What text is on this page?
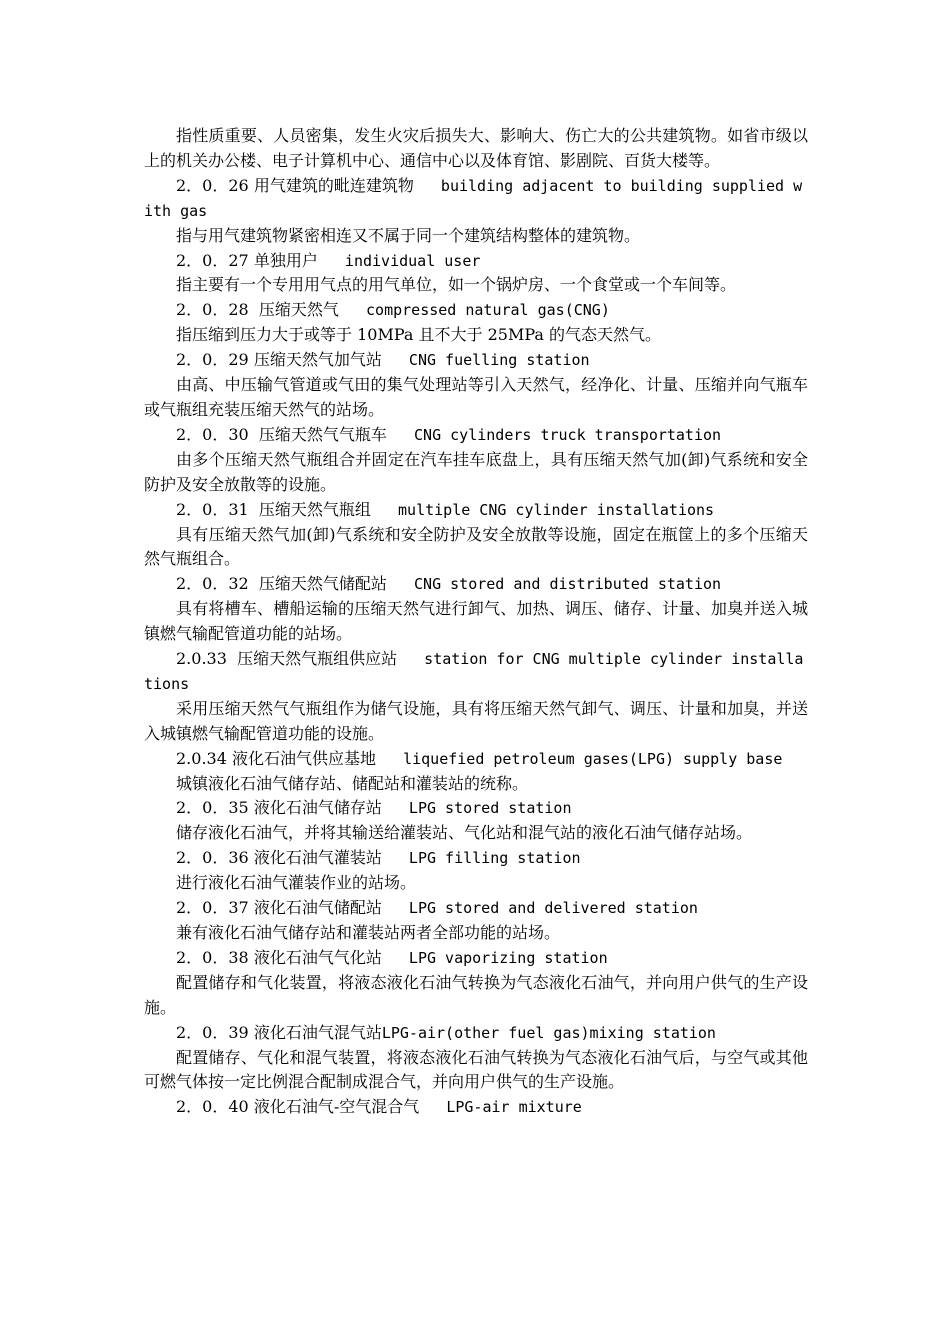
指性质重要、人员密集，发生火灾后损失大、影响大、伤亡大的公共建筑物。如省市级以上的机关办公楼、电子计算机中心、通信中心以及体育馆、影剧院、百货大楼等。

2．0．26 用气建筑的毗连建筑物   building adjacent to building supplied with gas

指与用气建筑物紧密相连又不属于同一个建筑结构整体的建筑物。

2．0．27 单独用户   individual user

指主要有一个专用用气点的用气单位，如一个锅炉房、一个食堂或一个车间等。

2．0．28  压缩天然气   compressed natural gas(CNG)

指压缩到压力大于或等于 10MPa 且不大于 25MPa 的气态天然气。

2．0．29 压缩天然气加气站   CNG fuelling station

由高、中压输气管道或气田的集气处理站等引入天然气，经净化、计量、压缩并向气瓶车或气瓶组充装压缩天然气的站场。

2．0．30  压缩天然气气瓶车   CNG cylinders truck transportation

由多个压缩天然气瓶组合并固定在汽车挂车底盘上，具有压缩天然气加(卸)气系统和安全防护及安全放散等的设施。

2．0．31  压缩天然气瓶组   multiple CNG cylinder installations

具有压缩天然气加(卸)气系统和安全防护及安全放散等设施，固定在瓶筐上的多个压缩天然气瓶组合。

2．0．32  压缩天然气储配站   CNG stored and distributed station

具有将槽车、槽船运输的压缩天然气进行卸气、加热、调压、储存、计量、加臭并送入城镇燃气输配管道功能的站场。

2.0.33  压缩天然气瓶组供应站   station for CNG multiple cylinder installations

采用压缩天然气气瓶组作为储气设施，具有将压缩天然气卸气、调压、计量和加臭，并送入城镇燃气输配管道功能的设施。

2.0.34 液化石油气供应基地   liquefied petroleum gases(LPG) supply base

城镇液化石油气储存站、储配站和灌装站的统称。

2．0．35 液化石油气储存站   LPG stored station

储存液化石油气，并将其输送给灌装站、气化站和混气站的液化石油气储存站场。

2．0．36 液化石油气灌装站   LPG filling station

进行液化石油气灌装作业的站场。

2．0．37 液化石油气储配站   LPG stored and delivered station

兼有液化石油气储存站和灌装站两者全部功能的站场。

2．0．38 液化石油气气化站   LPG vaporizing station

配置储存和气化装置，将液态液化石油气转换为气态液化石油气，并向用户供气的生产设施。

2．0．39 液化石油气混气站LPG-air(other fuel gas)mixing station

配置储存、气化和混气装置，将液态液化石油气转换为气态液化石油气后，与空气或其他可燃气体按一定比例混合配制成混合气，并向用户供气的生产设施。

2．0．40 液化石油气-空气混合气   LPG-air mixture
